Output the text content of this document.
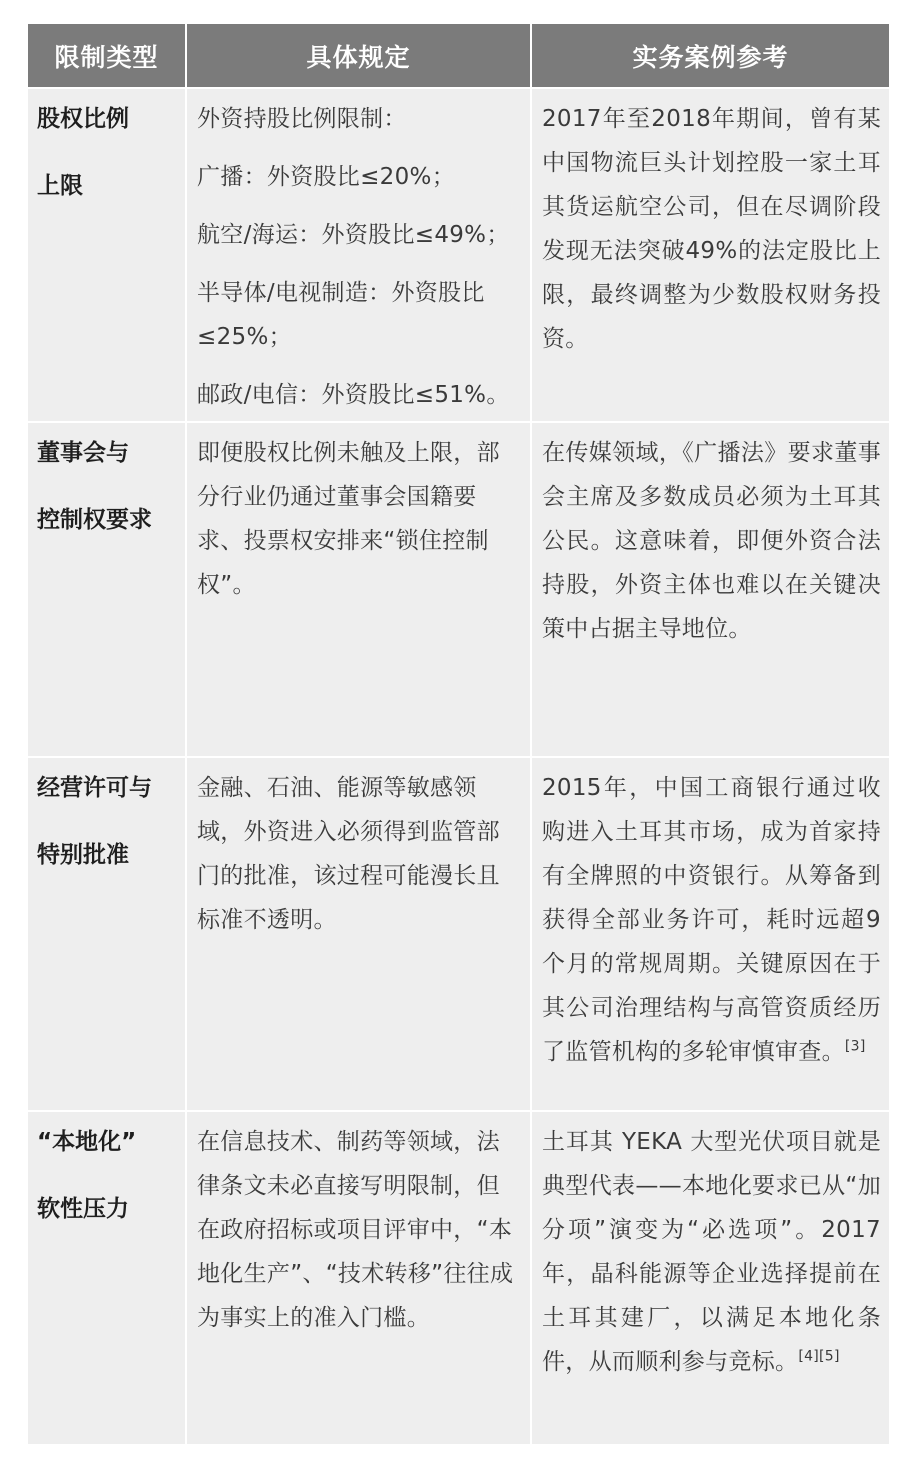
限制类型	具体规定	实务案例参考
股权比例
上限

外资持股比例限制：

广播：外资股比≤20%；

航空/海运：外资股比≤49%；

半导体/电视制造：外资股比≤25%；

邮政/电信：外资股比≤51%。

2017年至2018年期间，曾有某中国物流巨头计划控股一家土耳其货运航空公司，但在尽调阶段发现无法突破49%的法定股比上限，最终调整为少数股权财务投资。

董事会与
控制权要求

即便股权比例未触及上限，部分行业仍通过董事会国籍要求、投票权安排来“锁住控制权”。

在传媒领域，《广播法》要求董事会主席及多数成员必须为土耳其公民。这意味着，即便外资合法持股，外资主体也难以在关键决策中占据主导地位。

经营许可与
特别批准

金融、石油、能源等敏感领域，外资进入必须得到监管部门的批准，该过程可能漫长且标准不透明。

2015年，中国工商银行通过收购进入土耳其市场，成为首家持有全牌照的中资银行。从筹备到获得全部业务许可，耗时远超9个月的常规周期。关键原因在于其公司治理结构与高管资质经历了监管机构的多轮审慎审查。[3]

“本地化”
软性压力

在信息技术、制药等领域，法律条文未必直接写明限制，但在政府招标或项目评审中，“本地化生产”、“技术转移”往往成为事实上的准入门槛。

土耳其 YEKA 大型光伏项目就是典型代表——本地化要求已从“加分项”演变为“必选项”。2017年，晶科能源等企业选择提前在土耳其建厂，以满足本地化条件，从而顺利参与竞标。[4][5]
